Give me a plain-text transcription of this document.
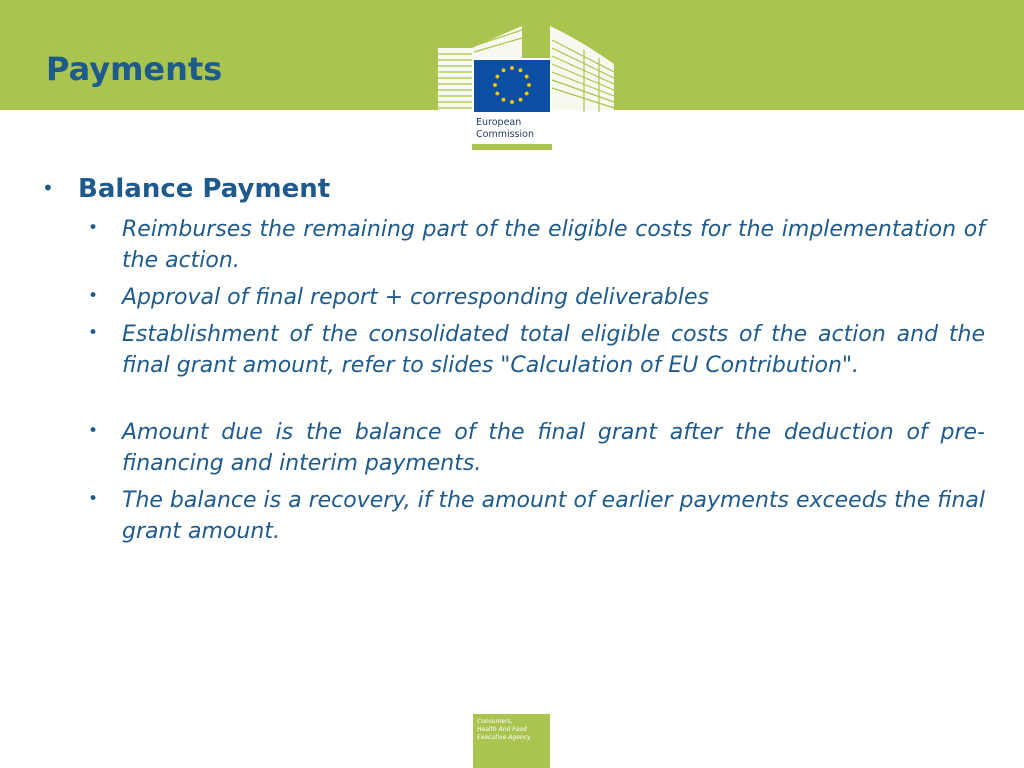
Payments
European
Commission
• Balance Payment
• Reimburses the remaining part of the eligible costs for the implementation of the action.

• Approval of final report + corresponding deliverables

• Establishment of the consolidated total eligible costs of the action and the final grant amount, refer to slides "Calculation of EU Contribution".

• Amount due is the balance of the final grant after the deduction of pre-financing and interim payments.

• The balance is a recovery, if the amount of earlier payments exceeds the final grant amount.

Consumers,
Health And Food
Executive Agency
